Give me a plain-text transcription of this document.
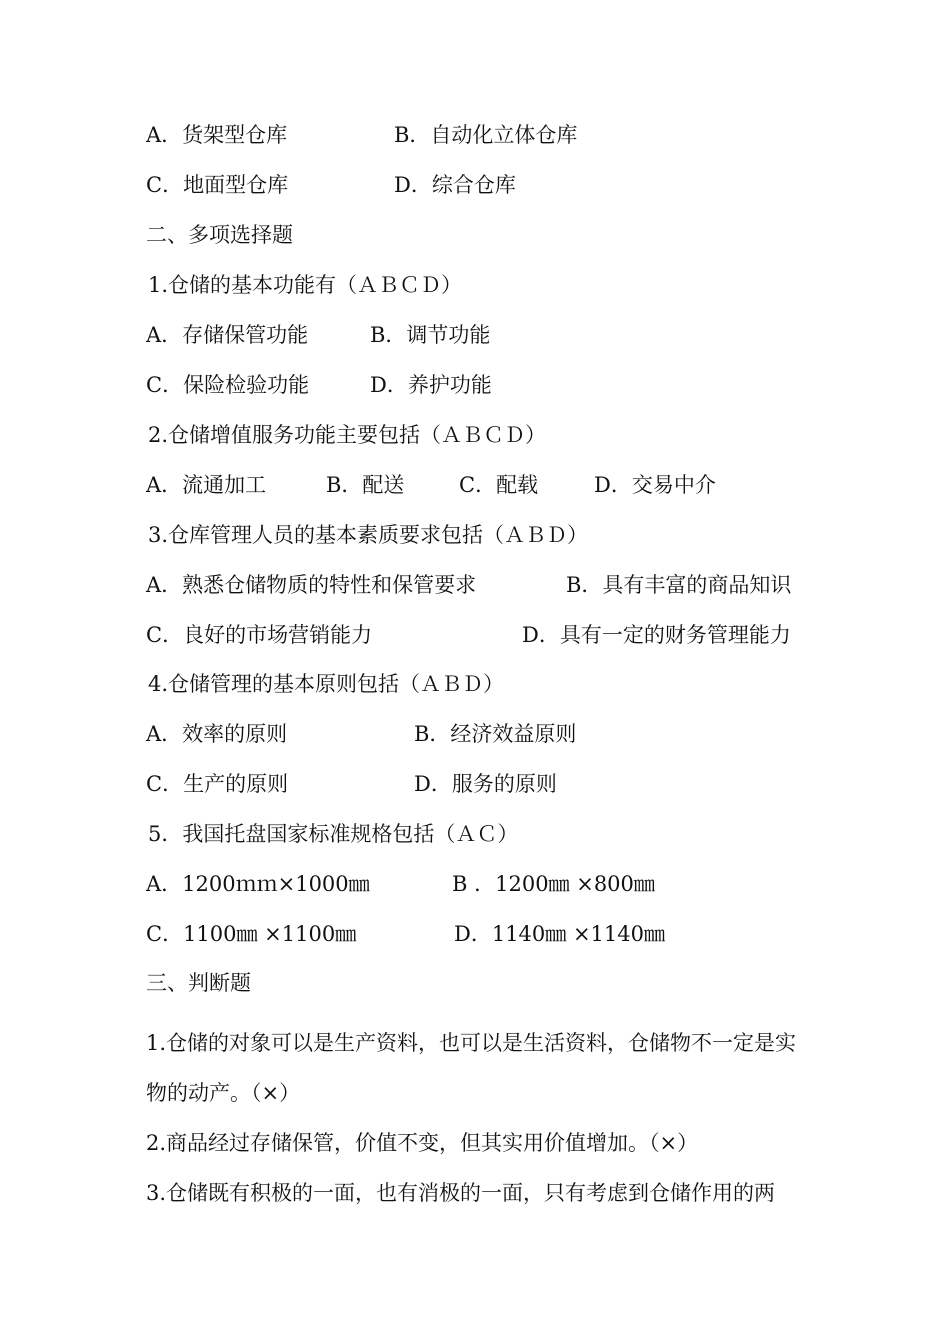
A．货架型仓库	B．自动化立体仓库
C．地面型仓库	D．综合仓库
二、多项选择题
1.仓储的基本功能有（ＡＢＣＤ）
A．存储保管功能	B．调节功能
C．保险检验功能	D．养护功能
2.仓储增值服务功能主要包括（ＡＢＣＤ）
A．流通加工	B．配送	C．配载	D．交易中介
3.仓库管理人员的基本素质要求包括（ＡＢＤ）
A．熟悉仓储物质的特性和保管要求	B．具有丰富的商品知识
C．良好的市场营销能力	D．具有一定的财务管理能力
4.仓储管理的基本原则包括（ＡＢＤ）
A．效率的原则	B．经济效益原则
C．生产的原则	D．服务的原则
5．我国托盘国家标准规格包括（ＡＣ）
A．1200ｍｍ×1000㎜	B ．1200㎜ ×800㎜
C．1100㎜ ×1100㎜	D．1140㎜ ×1140㎜
三、判断题
1.仓储的对象可以是生产资料，也可以是生活资料，仓储物不一定是实物的动产。（×）
2.商品经过存储保管，价值不变，但其实用价值增加。（×）
3.仓储既有积极的一面，也有消极的一面，只有考虑到仓储作用的两
